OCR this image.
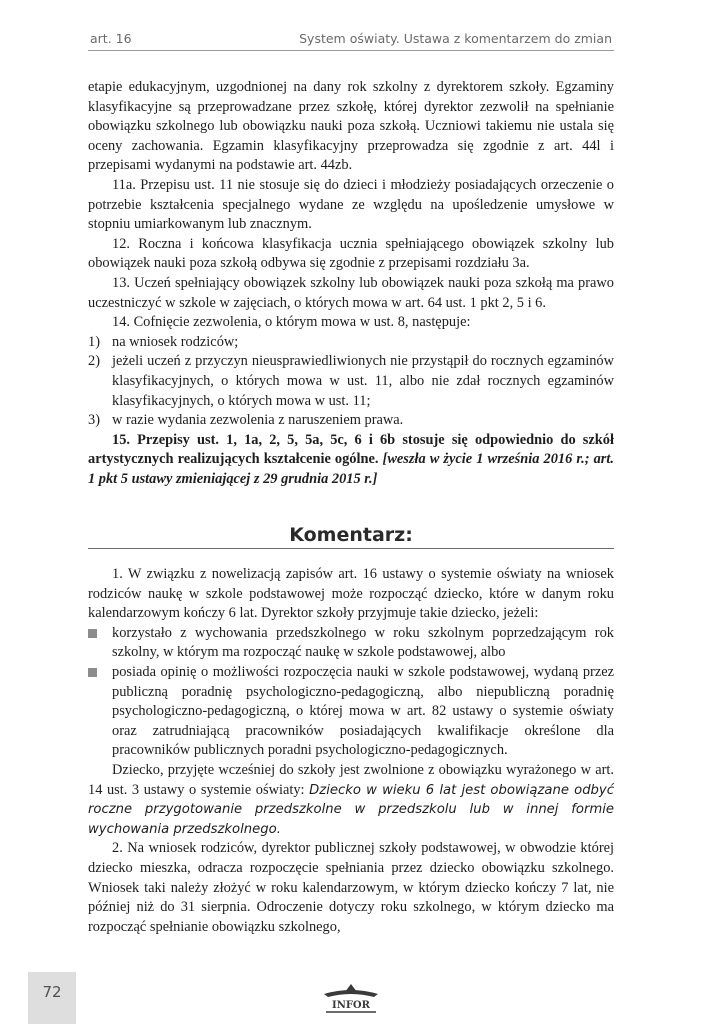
art. 16	System oświaty. Ustawa z komentarzem do zmian

etapie edukacyjnym, uzgodnionej na dany rok szkolny z dyrektorem szkoły. Egzaminy klasyfikacyjne są przeprowadzane przez szkołę, której dyrektor zezwolił na spełnianie obowiązku szkolnego lub obowiązku nauki poza szkołą. Uczniowi takiemu nie ustala się oceny zachowania. Egzamin klasyfikacyjny przeprowadza się zgodnie z art. 44l i przepisami wydanymi na podstawie art. 44zb.

11a. Przepisu ust. 11 nie stosuje się do dzieci i młodzieży posiadających orzeczenie o potrzebie kształcenia specjalnego wydane ze względu na upośledzenie umysłowe w stopniu umiarkowanym lub znacznym.

12. Roczna i końcowa klasyfikacja ucznia spełniającego obowiązek szkolny lub obowiązek nauki poza szkołą odbywa się zgodnie z przepisami rozdziału 3a.

13. Uczeń spełniający obowiązek szkolny lub obowiązek nauki poza szkołą ma prawo uczestniczyć w szkole w zajęciach, o których mowa w art. 64 ust. 1 pkt 2, 5 i 6.

14. Cofnięcie zezwolenia, o którym mowa w ust. 8, następuje:

1) na wniosek rodziców;

2) jeżeli uczeń z przyczyn nieusprawiedliwionych nie przystąpił do rocznych egzaminów klasyfikacyjnych, o których mowa w ust. 11, albo nie zdał rocznych egzaminów klasyfikacyjnych, o których mowa w ust. 11;

3) w razie wydania zezwolenia z naruszeniem prawa.

15. Przepisy ust. 1, 1a, 2, 5, 5a, 5c, 6 i 6b stosuje się odpowiednio do szkół artystycznych realizujących kształcenie ogólne. [weszła w życie 1 września 2016 r.; art. 1 pkt 5 ustawy zmieniającej z 29 grudnia 2015 r.]

Komentarz:

1. W związku z nowelizacją zapisów art. 16 ustawy o systemie oświaty na wniosek rodziców naukę w szkole podstawowej może rozpocząć dziecko, które w danym roku kalendarzowym kończy 6 lat. Dyrektor szkoły przyjmuje takie dziecko, jeżeli:

korzystało z wychowania przedszkolnego w roku szkolnym poprzedzającym rok szkolny, w którym ma rozpocząć naukę w szkole podstawowej, albo

posiada opinię o możliwości rozpoczęcia nauki w szkole podstawowej, wydaną przez publiczną poradnię psychologiczno-pedagogiczną, albo niepubliczną poradnię psychologiczno-pedagogiczną, o której mowa w art. 82 ustawy o systemie oświaty oraz zatrudniającą pracowników posiadających kwalifikacje określone dla pracowników publicznych poradni psychologiczno-pedagogicznych.

Dziecko, przyjęte wcześniej do szkoły jest zwolnione z obowiązku wyrażonego w art. 14 ust. 3 ustawy o systemie oświaty: Dziecko w wieku 6 lat jest obowiązane odbyć roczne przygotowanie przedszkolne w przedszkolu lub w innej formie wychowania przedszkolnego.

2. Na wniosek rodziców, dyrektor publicznej szkoły podstawowej, w obwodzie której dziecko mieszka, odracza rozpoczęcie spełniania przez dziecko obowiązku szkolnego. Wniosek taki należy złożyć w roku kalendarzowym, w którym dziecko kończy 7 lat, nie później niż do 31 sierpnia. Odroczenie dotyczy roku szkolnego, w którym dziecko ma rozpocząć spełnianie obowiązku szkolnego,

72
INFOR
